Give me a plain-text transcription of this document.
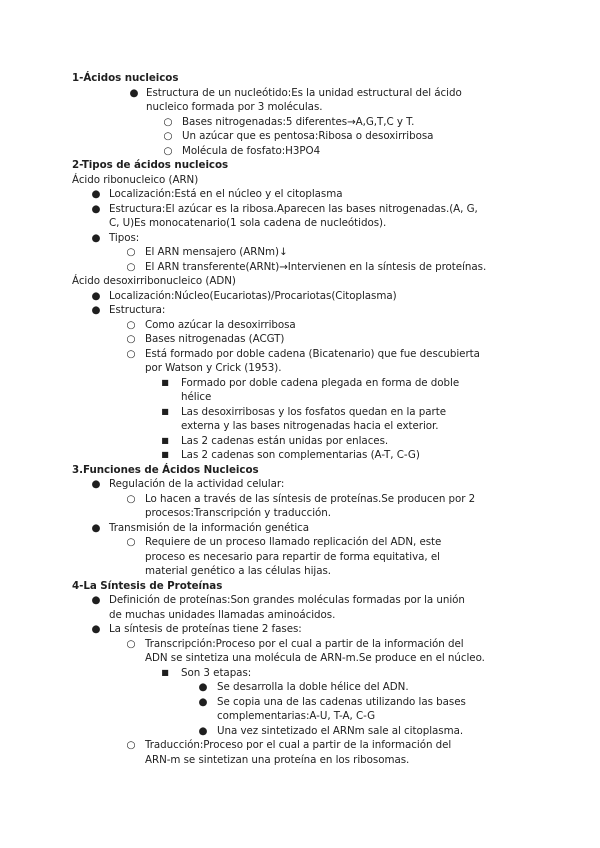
1-Ácidos nucleicos
● Estructura de un nucleótido:Es la unidad estructural del ácido
nucleico formada por 3 moléculas.
○ Bases nitrogenadas:5 diferentes→A,G,T,C y T.
○ Un azúcar que es pentosa:Ribosa o desoxirribosa
○ Molécula de fosfato:H3PO4
2-Tipos de ácidos nucleicos
Ácido ribonucleico (ARN)
● Localización:Está en el núcleo y el citoplasma
● Estructura:El azúcar es la ribosa.Aparecen las bases nitrogenadas.(A, G,
C, U)Es monocatenario(1 sola cadena de nucleótidos).
● Tipos:
○ El ARN mensajero (ARNm)↓
○ El ARN transferente(ARNt)→Intervienen en la síntesis de proteínas.
Ácido desoxirribonucleico (ADN)
● Localización:Núcleo(Eucariotas)/Procariotas(Citoplasma)
● Estructura:
○ Como azúcar la desoxirribosa
○ Bases nitrogenadas (ACGT)
○ Está formado por doble cadena (Bicatenario) que fue descubierta
por Watson y Crick (1953).
■ Formado por doble cadena plegada en forma de doble
hélice
■ Las desoxirribosas y los fosfatos quedan en la parte
externa y las bases nitrogenadas hacia el exterior.
■ Las 2 cadenas están unidas por enlaces.
■ Las 2 cadenas son complementarias (A-T, C-G)
3.Funciones de Ácidos Nucleicos
● Regulación de la actividad celular:
○ Lo hacen a través de las síntesis de proteínas.Se producen por 2
procesos:Transcripción y traducción.
● Transmisión de la información genética
○ Requiere de un proceso llamado replicación del ADN, este
proceso es necesario para repartir de forma equitativa, el
material genético a las células hijas.
4-La Síntesis de Proteínas
● Definición de proteínas:Son grandes moléculas formadas por la unión
de muchas unidades llamadas aminoácidos.
● La síntesis de proteínas tiene 2 fases:
○ Transcripción:Proceso por el cual a partir de la información del
ADN se sintetiza una molécula de ARN-m.Se produce en el núcleo.
■ Son 3 etapas:
● Se desarrolla la doble hélice del ADN.
● Se copia una de las cadenas utilizando las bases
complementarias:A-U, T-A, C-G
● Una vez sintetizado el ARNm sale al citoplasma.
○ Traducción:Proceso por el cual a partir de la información del
ARN-m se sintetizan una proteína en los ribosomas.
